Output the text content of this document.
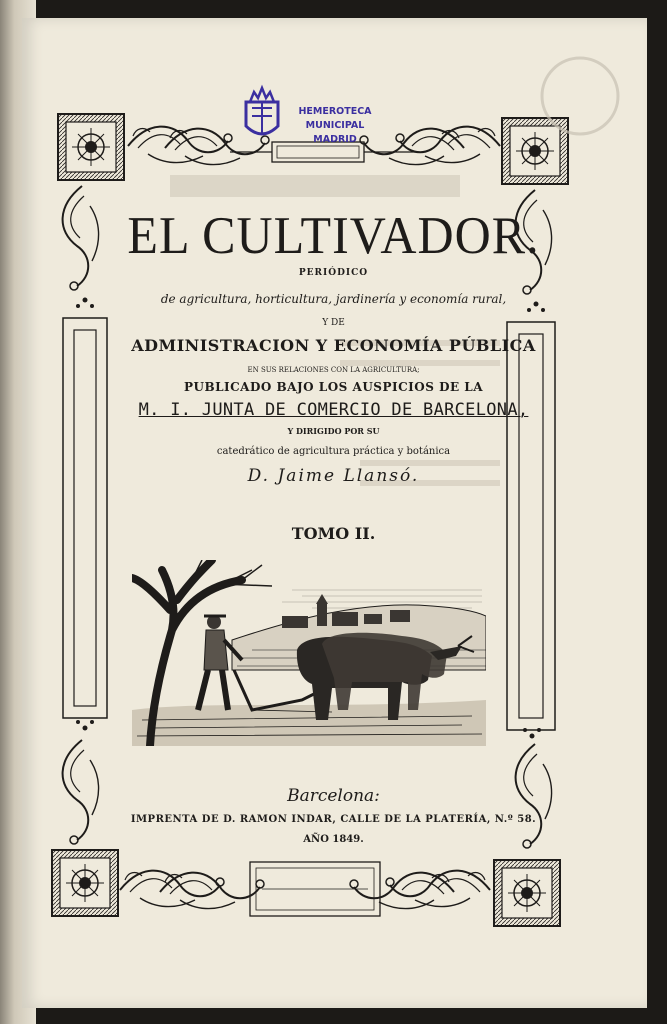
HEMEROTECA
MUNICIPAL
MADRID
EL CULTIVADOR.
PERIÓDICO
de agricultura, horticultura, jardinería y economía rural,
Y DE
ADMINISTRACION Y ECONOMÍA PÚBLICA
EN SUS RELACIONES CON LA AGRICULTURA;
PUBLICADO BAJO LOS AUSPICIOS DE LA
M. I. JUNTA DE COMERCIO DE BARCELONA,
Y DIRIGIDO POR SU
catedrático de agricultura práctica y botánica
D. Jaime Llansó.
TOMO II.
Barcelona:
IMPRENTA DE D. RAMON INDAR, CALLE DE LA PLATERÍA, N.º 58.
AÑO 1849.
